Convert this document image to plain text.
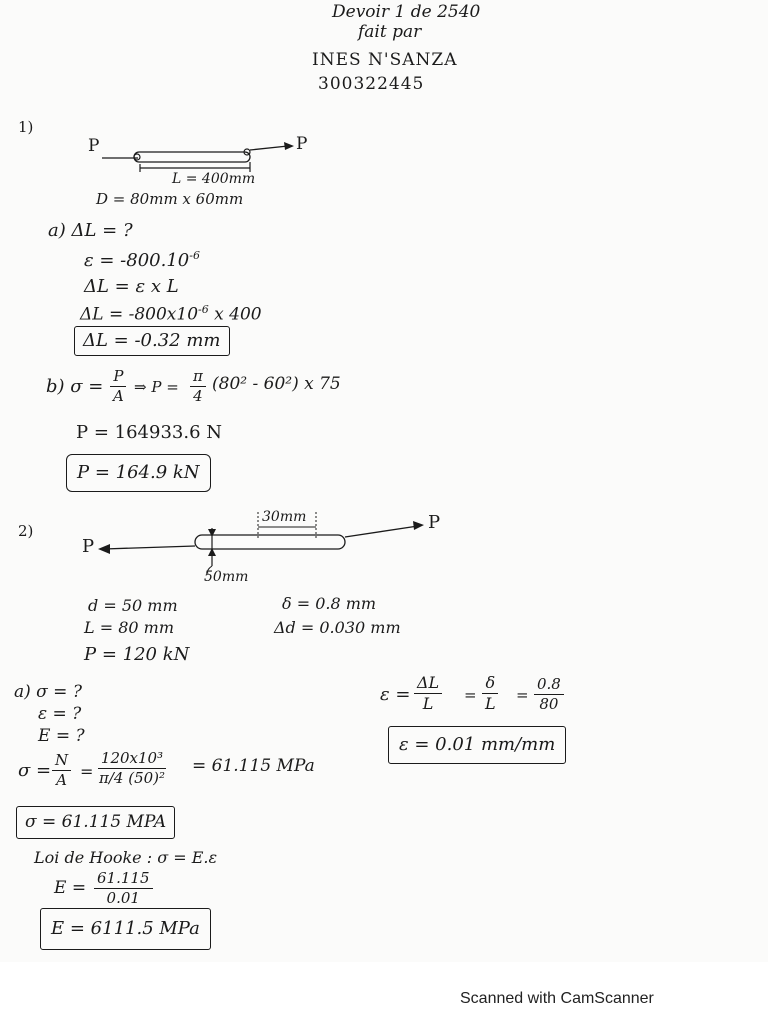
Devoir 1 de 2540
fait par
INES N'SANZA
300322445
1)
P	P
L = 400mm
D = 80mm x 60mm
a) ΔL = ?
$\varepsilon = -800.10^{-6}$
ΔL = ε x L
$\Delta L = -800x10^{-6}$ x 400
ΔL = -0.32 mm
b) $\sigma = \frac{P}{A}$ ⇒ $P = \frac{\pi}{4} (80^2 - 60^2)$ x 75
P = 164933.6 N
P = 164.9 kN
2)
P
P
30mm
50mm
d = 50 mm
L = 80 mm
P = 120 kN
δ = 0.8 mm
Δd = 0.030 mm
a) σ = ?
ε = ?
E = ?
$\sigma = \frac{N}{A} = \frac{\text{120x10³}}{\text{π/4 (50)²}} = 61.115$ MPa
σ = 61.115 MPA
$\varepsilon = \frac{\Delta L}{L} = \frac{\delta}{L} = \frac{0.8}{80}$
ε = 0.01 mm/mm
Loi de Hooke : σ = E.ε
$E = \frac{61.115}{0.01}$
E = 6111.5 MPa
Scanned with CamScanner
